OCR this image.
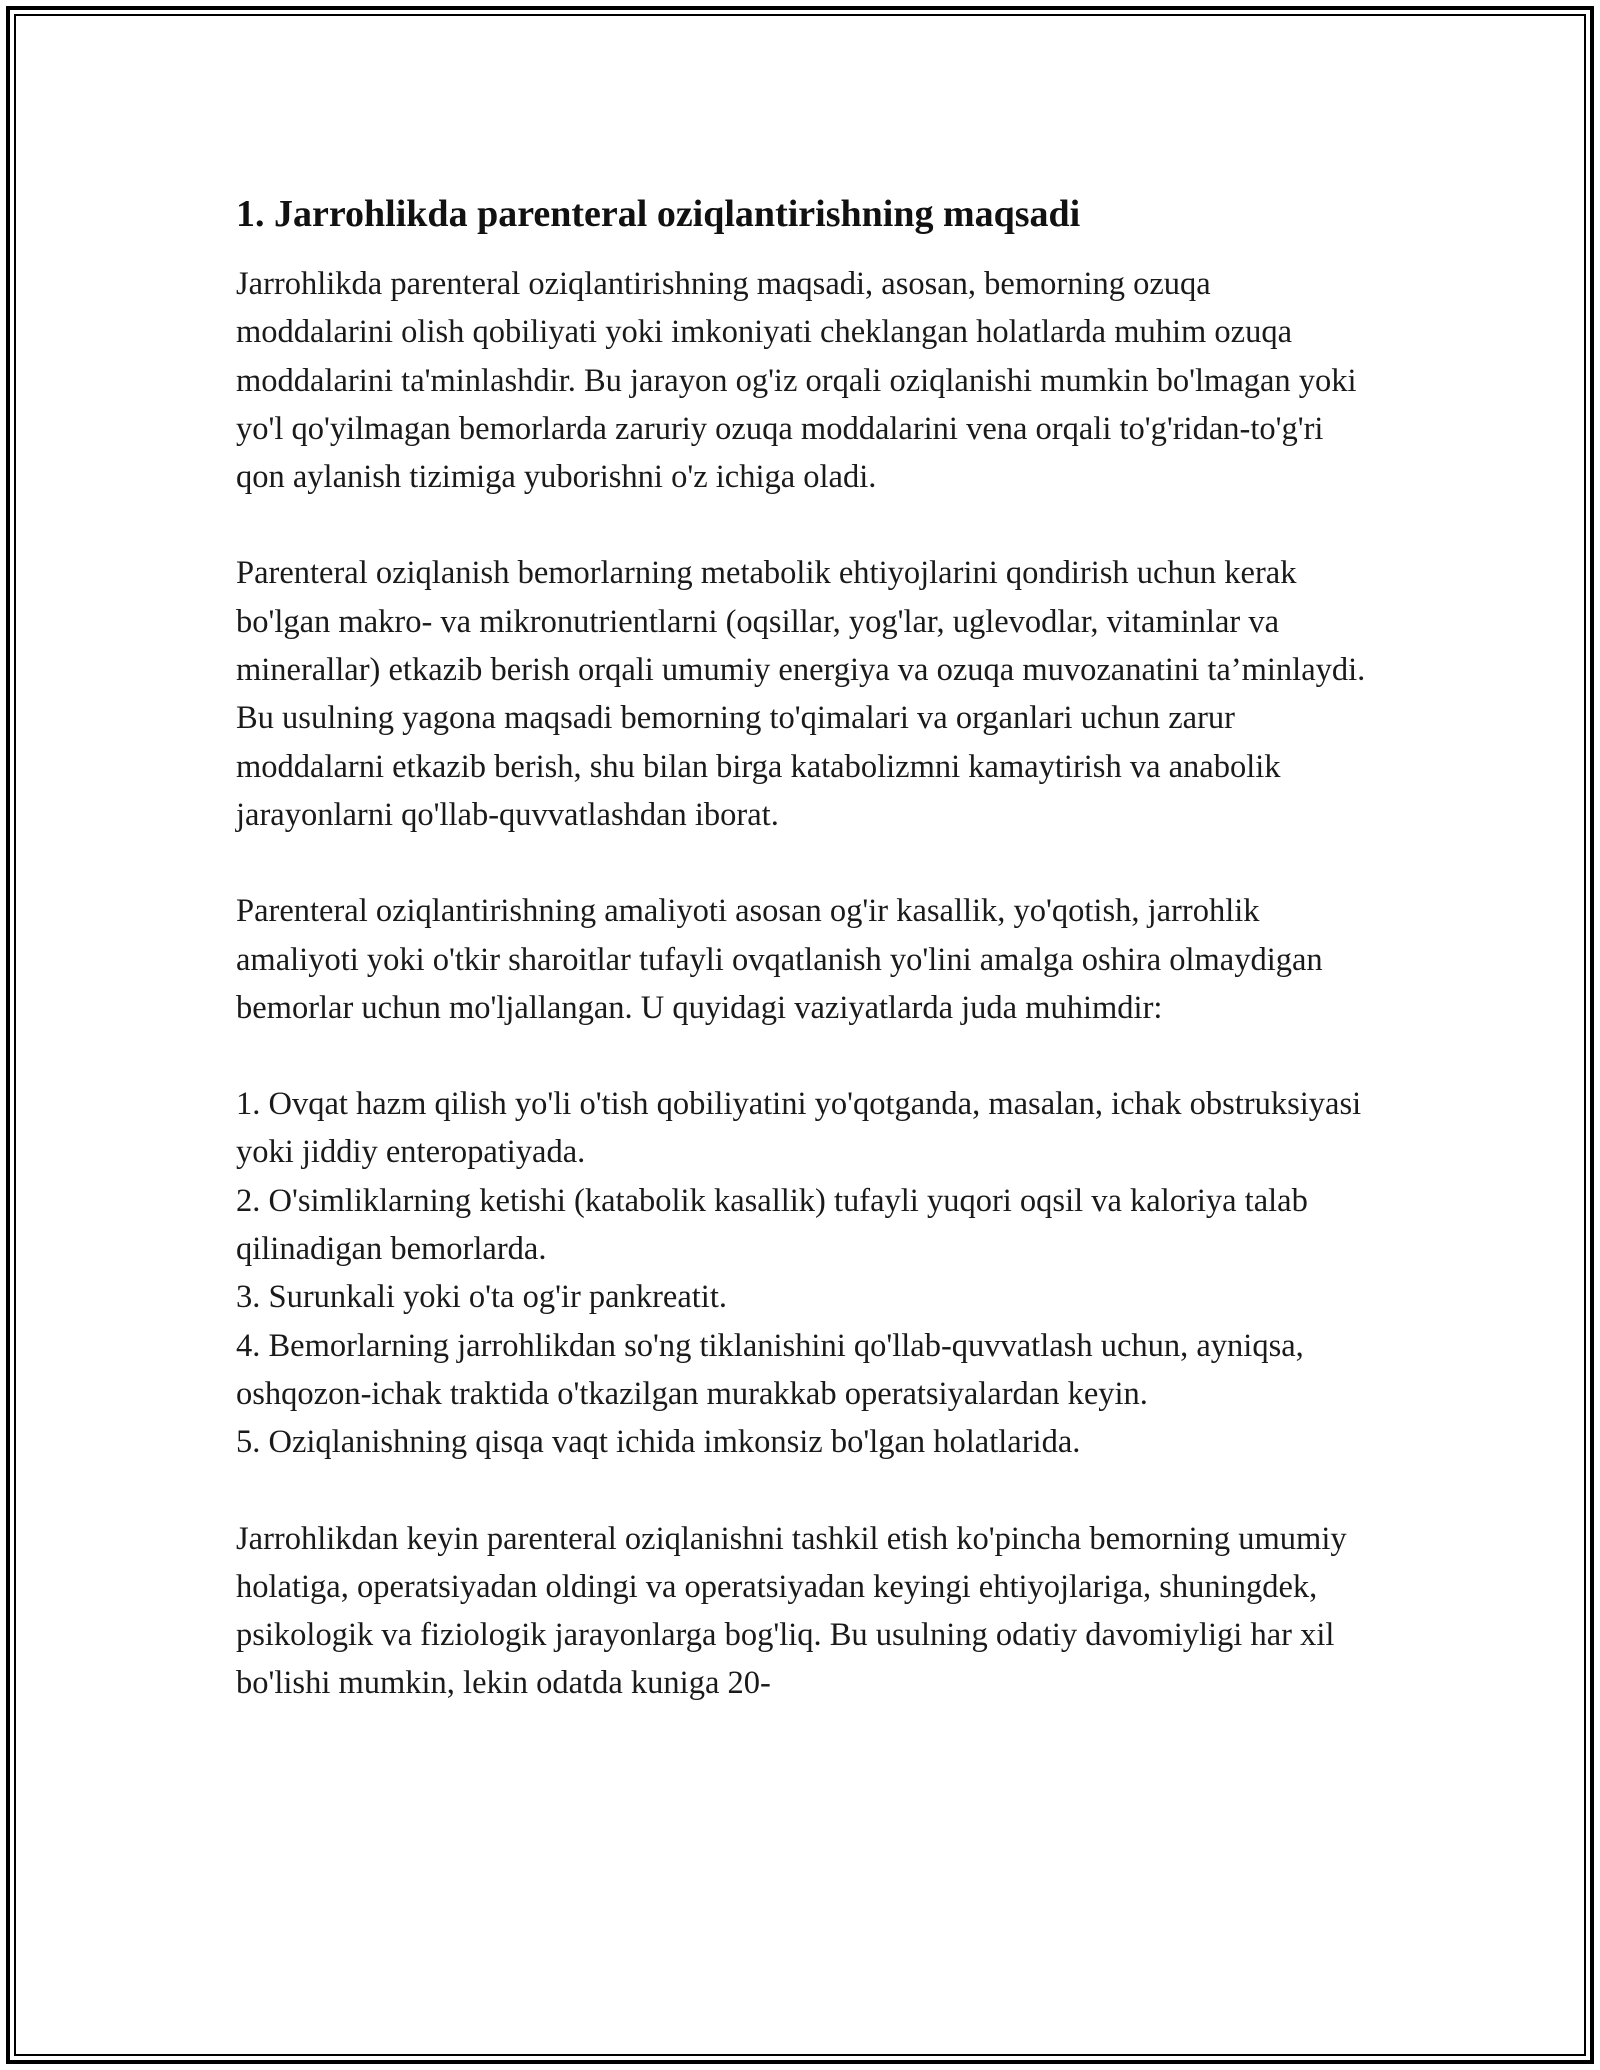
1. Jarrohlikda parenteral oziqlantirishning maqsadi

Jarrohlikda parenteral oziqlantirishning maqsadi, asosan, bemorning ozuqa moddalarini olish qobiliyati yoki imkoniyati cheklangan holatlarda muhim ozuqa moddalarini ta'minlashdir. Bu jarayon og'iz orqali oziqlanishi mumkin bo'lmagan yoki yo'l qo'yilmagan bemorlarda zaruriy ozuqa moddalarini vena orqali to'g'ridan-to'g'ri qon aylanish tizimiga yuborishni o'z ichiga oladi.

Parenteral oziqlanish bemorlarning metabolik ehtiyojlarini qondirish uchun kerak bo'lgan makro- va mikronutrientlarni (oqsillar, yog'lar, uglevodlar, vitaminlar va minerallar) etkazib berish orqali umumiy energiya va ozuqa muvozanatini ta’minlaydi. Bu usulning yagona maqsadi bemorning to'qimalari va organlari uchun zarur moddalarni etkazib berish, shu bilan birga katabolizmni kamaytirish va anabolik jarayonlarni qo'llab-quvvatlashdan iborat.

Parenteral oziqlantirishning amaliyoti asosan og'ir kasallik, yo'qotish, jarrohlik amaliyoti yoki o'tkir sharoitlar tufayli ovqatlanish yo'lini amalga oshira olmaydigan bemorlar uchun mo'ljallangan. U quyidagi vaziyatlarda juda muhimdir:

1. Ovqat hazm qilish yo'li o'tish qobiliyatini yo'qotganda, masalan, ichak obstruksiyasi yoki jiddiy enteropatiyada.

2. O'simliklarning ketishi (katabolik kasallik) tufayli yuqori oqsil va kaloriya talab qilinadigan bemorlarda.

3. Surunkali yoki o'ta og'ir pankreatit.

4. Bemorlarning jarrohlikdan so'ng tiklanishini qo'llab-quvvatlash uchun, ayniqsa, oshqozon-ichak traktida o'tkazilgan murakkab operatsiyalardan keyin.

5. Oziqlanishning qisqa vaqt ichida imkonsiz bo'lgan holatlarida.

Jarrohlikdan keyin parenteral oziqlanishni tashkil etish ko'pincha bemorning umumiy holatiga, operatsiyadan oldingi va operatsiyadan keyingi ehtiyojlariga, shuningdek, psikologik va fiziologik jarayonlarga bog'liq. Bu usulning odatiy davomiyligi har xil bo'lishi mumkin, lekin odatda kuniga 20-
